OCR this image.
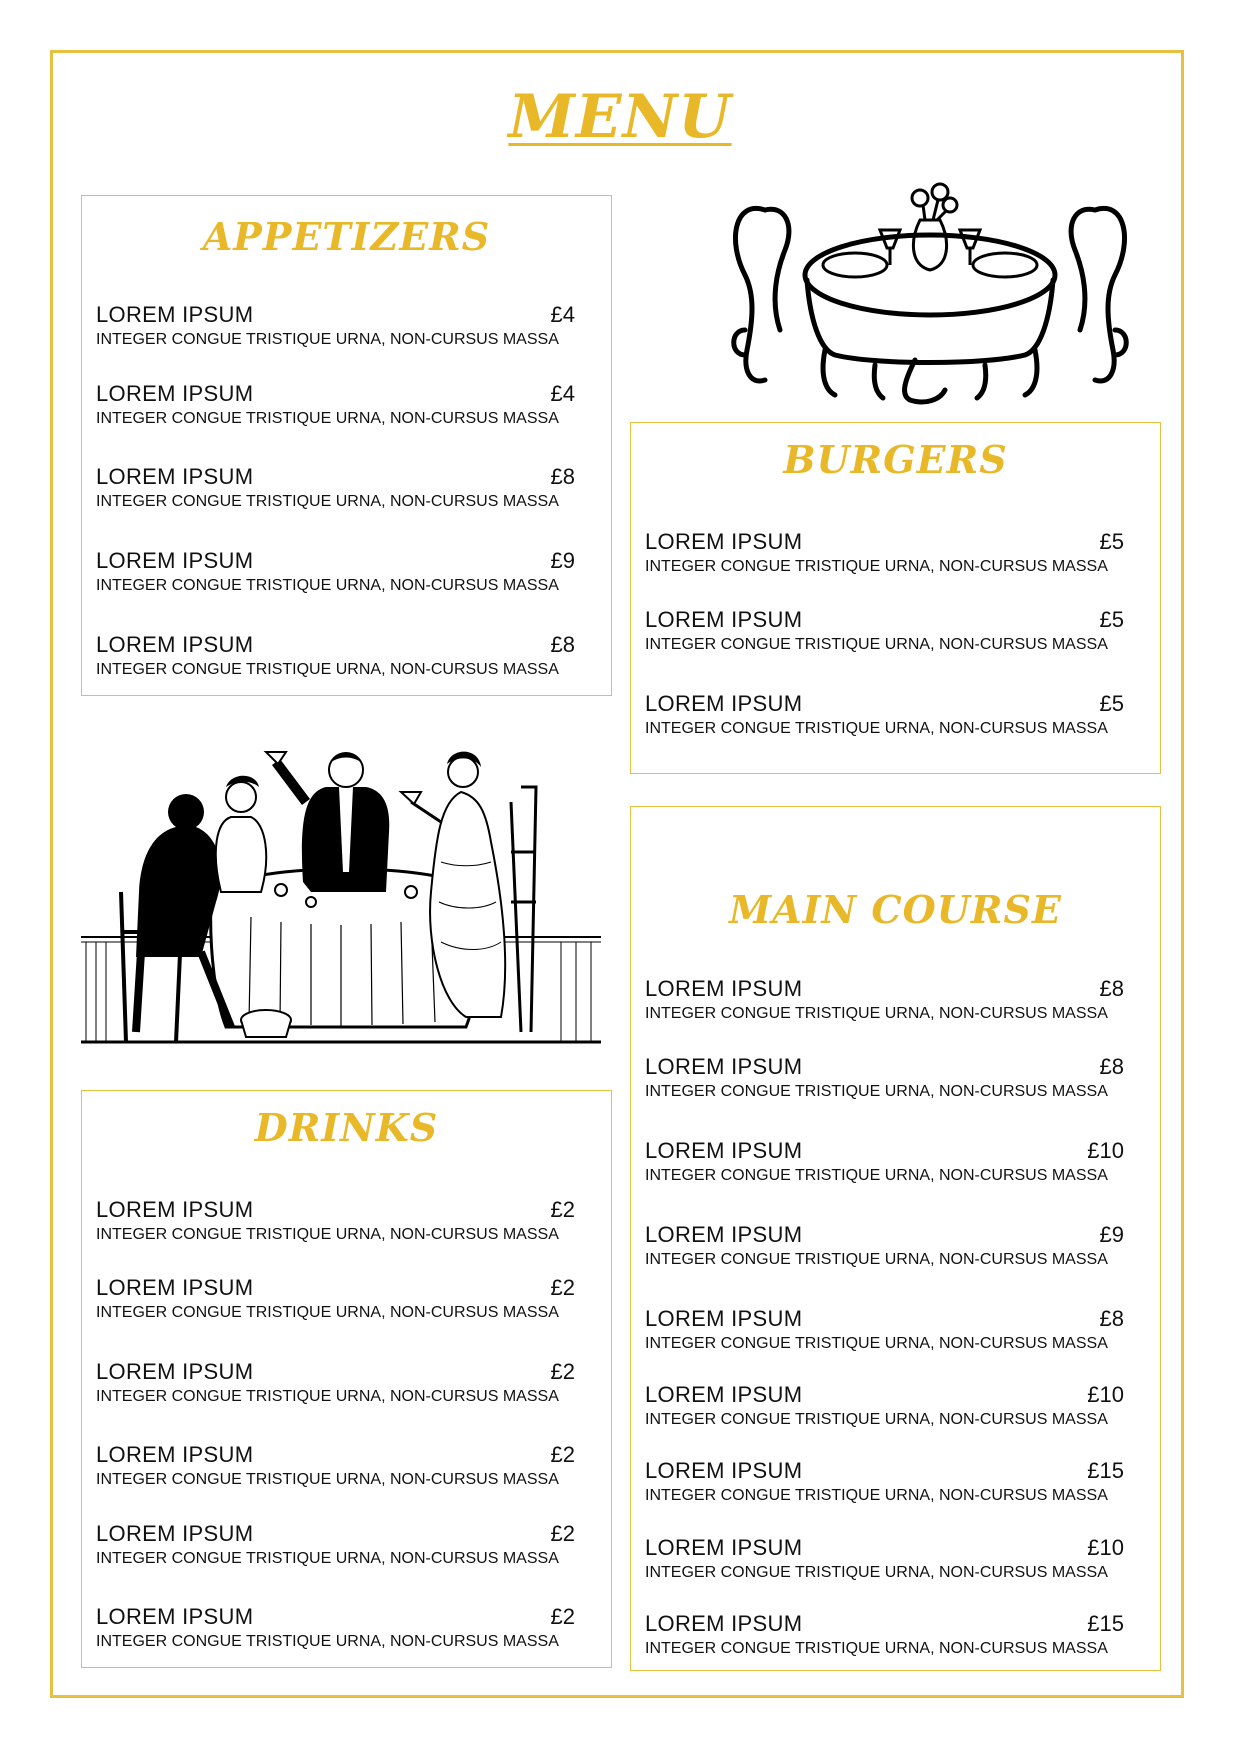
MENU
APPETIZERS
LOREM IPSUM	£4
INTEGER CONGUE TRISTIQUE URNA, NON-CURSUS MASSA
LOREM IPSUM	£4
INTEGER CONGUE TRISTIQUE URNA, NON-CURSUS MASSA
LOREM IPSUM	£8
INTEGER CONGUE TRISTIQUE URNA, NON-CURSUS MASSA
LOREM IPSUM	£9
INTEGER CONGUE TRISTIQUE URNA, NON-CURSUS MASSA
LOREM IPSUM	£8
INTEGER CONGUE TRISTIQUE URNA, NON-CURSUS MASSA
BURGERS
LOREM IPSUM	£5
INTEGER CONGUE TRISTIQUE URNA, NON-CURSUS MASSA
LOREM IPSUM	£5
INTEGER CONGUE TRISTIQUE URNA, NON-CURSUS MASSA
LOREM IPSUM	£5
INTEGER CONGUE TRISTIQUE URNA, NON-CURSUS MASSA
MAIN COURSE
LOREM IPSUM	£8
INTEGER CONGUE TRISTIQUE URNA, NON-CURSUS MASSA
LOREM IPSUM	£8
INTEGER CONGUE TRISTIQUE URNA, NON-CURSUS MASSA
LOREM IPSUM	£10
INTEGER CONGUE TRISTIQUE URNA, NON-CURSUS MASSA
LOREM IPSUM	£9
INTEGER CONGUE TRISTIQUE URNA, NON-CURSUS MASSA
LOREM IPSUM	£8
INTEGER CONGUE TRISTIQUE URNA, NON-CURSUS MASSA
LOREM IPSUM	£10
INTEGER CONGUE TRISTIQUE URNA, NON-CURSUS MASSA
LOREM IPSUM	£15
INTEGER CONGUE TRISTIQUE URNA, NON-CURSUS MASSA
LOREM IPSUM	£10
INTEGER CONGUE TRISTIQUE URNA, NON-CURSUS MASSA
LOREM IPSUM	£15
INTEGER CONGUE TRISTIQUE URNA, NON-CURSUS MASSA
DRINKS
LOREM IPSUM	£2
INTEGER CONGUE TRISTIQUE URNA, NON-CURSUS MASSA
LOREM IPSUM	£2
INTEGER CONGUE TRISTIQUE URNA, NON-CURSUS MASSA
LOREM IPSUM	£2
INTEGER CONGUE TRISTIQUE URNA, NON-CURSUS MASSA
LOREM IPSUM	£2
INTEGER CONGUE TRISTIQUE URNA, NON-CURSUS MASSA
LOREM IPSUM	£2
INTEGER CONGUE TRISTIQUE URNA, NON-CURSUS MASSA
LOREM IPSUM	£2
INTEGER CONGUE TRISTIQUE URNA, NON-CURSUS MASSA
